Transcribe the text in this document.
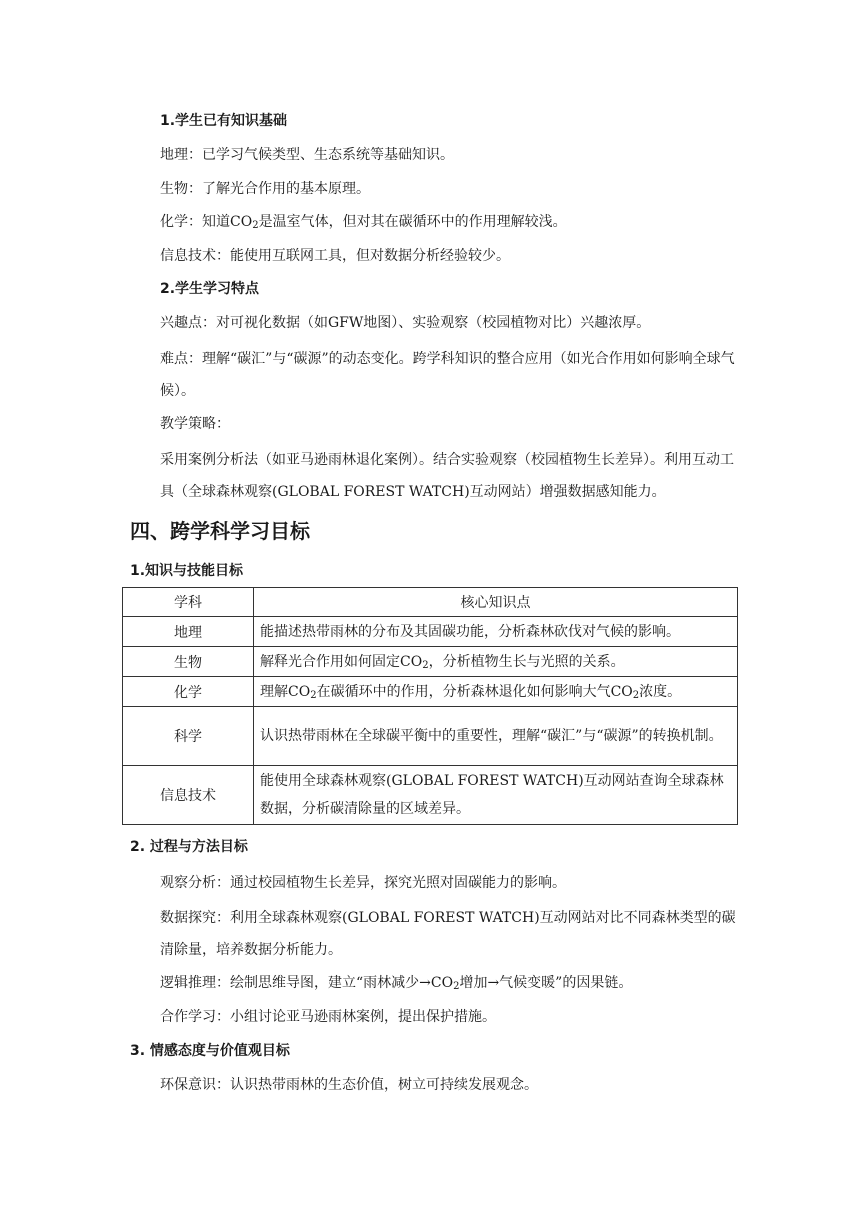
1.学生已有知识基础
地理：已学习气候类型、生态系统等基础知识。
生物：了解光合作用的基本原理。
化学：知道$CO_2$是温室气体，但对其在碳循环中的作用理解较浅。
信息技术：能使用互联网工具，但对数据分析经验较少。
2.学生学习特点
兴趣点：对可视化数据（如GFW地图）、实验观察（校园植物对比）兴趣浓厚。
难点：理解“碳汇”与“碳源”的动态变化。跨学科知识的整合应用（如光合作用如何影响全球气候）。
教学策略：
采用案例分析法（如亚马逊雨林退化案例）。结合实验观察（校园植物生长差异）。利用互动工具（全球森林观察(GLOBAL FOREST WATCH)互动网站）增强数据感知能力。
四、跨学科学习目标
1.知识与技能目标
学科	核心知识点
地理	能描述热带雨林的分布及其固碳功能，分析森林砍伐对气候的影响。
生物	解释光合作用如何固定$CO_2$，分析植物生长与光照的关系。
化学	理解$CO_2$在碳循环中的作用，分析森林退化如何影响大气$CO_2$浓度。
科学	认识热带雨林在全球碳平衡中的重要性，理解“碳汇”与“碳源”的转换机制。
信息技术	能使用全球森林观察(GLOBAL FOREST WATCH)互动网站查询全球森林数据，分析碳清除量的区域差异。
2. 过程与方法目标
观察分析：通过校园植物生长差异，探究光照对固碳能力的影响。
数据探究：利用全球森林观察(GLOBAL FOREST WATCH)互动网站对比不同森林类型的碳清除量，培养数据分析能力。
逻辑推理：绘制思维导图，建立“雨林减少$\to CO_2$增加→气候变暖”的因果链。
合作学习：小组讨论亚马逊雨林案例，提出保护措施。
3. 情感态度与价值观目标
环保意识：认识热带雨林的生态价值，树立可持续发展观念。
